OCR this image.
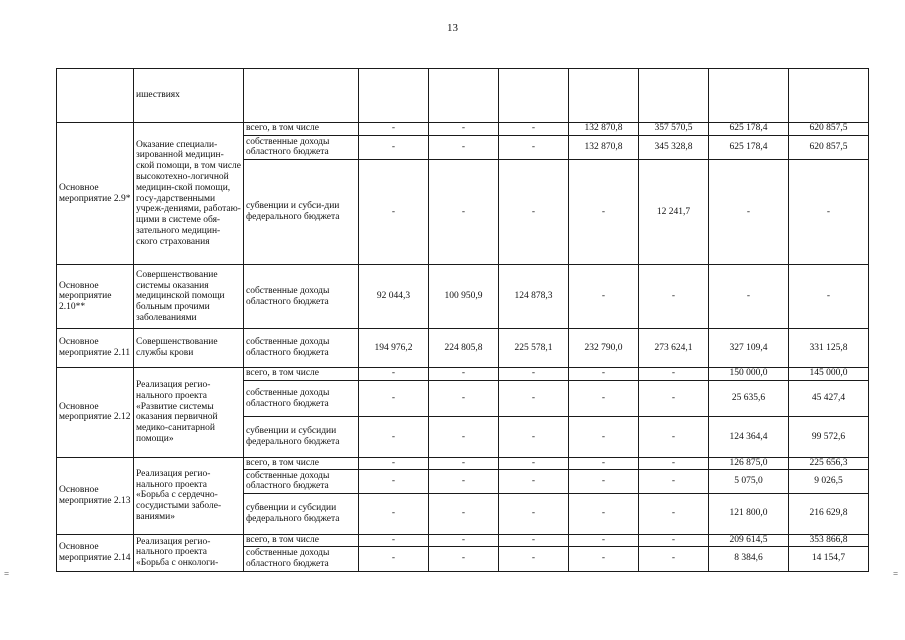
13
	ишествиях								
Основное мероприятие 2.9*	Оказание специали-зированной медицин-ской помощи, в том числе высокотехно-логичной медицин-ской помощи, госу-дарственными учреж-дениями, работаю-щими в системе обя-зательного медицин-ского страхования	всего, в том числе	-	-	-	132 870,8	357 570,5	625 178,4	620 857,5
		собственные доходы областного бюджета	-	-	-	132 870,8	345 328,8	625 178,4	620 857,5
		субвенции и субси-дии федерального бюджета	-	-	-	-	12 241,7	-	-
Основное мероприятие 2.10**	Совершенствование системы оказания медицинской помощи больным прочими заболеваниями	собственные доходы областного бюджета	92 044,3	100 950,9	124 878,3	-	-	-	-
Основное мероприятие 2.11	Совершенствование службы крови	собственные доходы областного бюджета	194 976,2	224 805,8	225 578,1	232 790,0	273 624,1	327 109,4	331 125,8
Основное мероприятие 2.12	Реализация регио-нального проекта «Развитие системы оказания первичной медико-санитарной помощи»	всего, в том числе	-	-	-	-	-	150 000,0	145 000,0
		собственные доходы областного бюджета	-	-	-	-	-	25 635,6	45 427,4
		субвенции и субсидии федерального бюджета	-	-	-	-	-	124 364,4	99 572,6
Основное мероприятие 2.13	Реализация регио-нального проекта «Борьба с сердечно-сосудистыми заболе-ваниями»	всего, в том числе	-	-	-	-	-	126 875,0	225 656,3
		собственные доходы областного бюджета	-	-	-	-	-	5 075,0	9 026,5
		субвенции и субсидии федерального бюджета	-	-	-	-	-	121 800,0	216 629,8
Основное мероприятие 2.14	Реализация регио-нального проекта «Борьба с онкологи-	всего, в том числе	-	-	-	-	-	209 614,5	353 866,8
		собственные доходы областного бюджета	-	-	-	-	-	8 384,6	14 154,7
=	=
